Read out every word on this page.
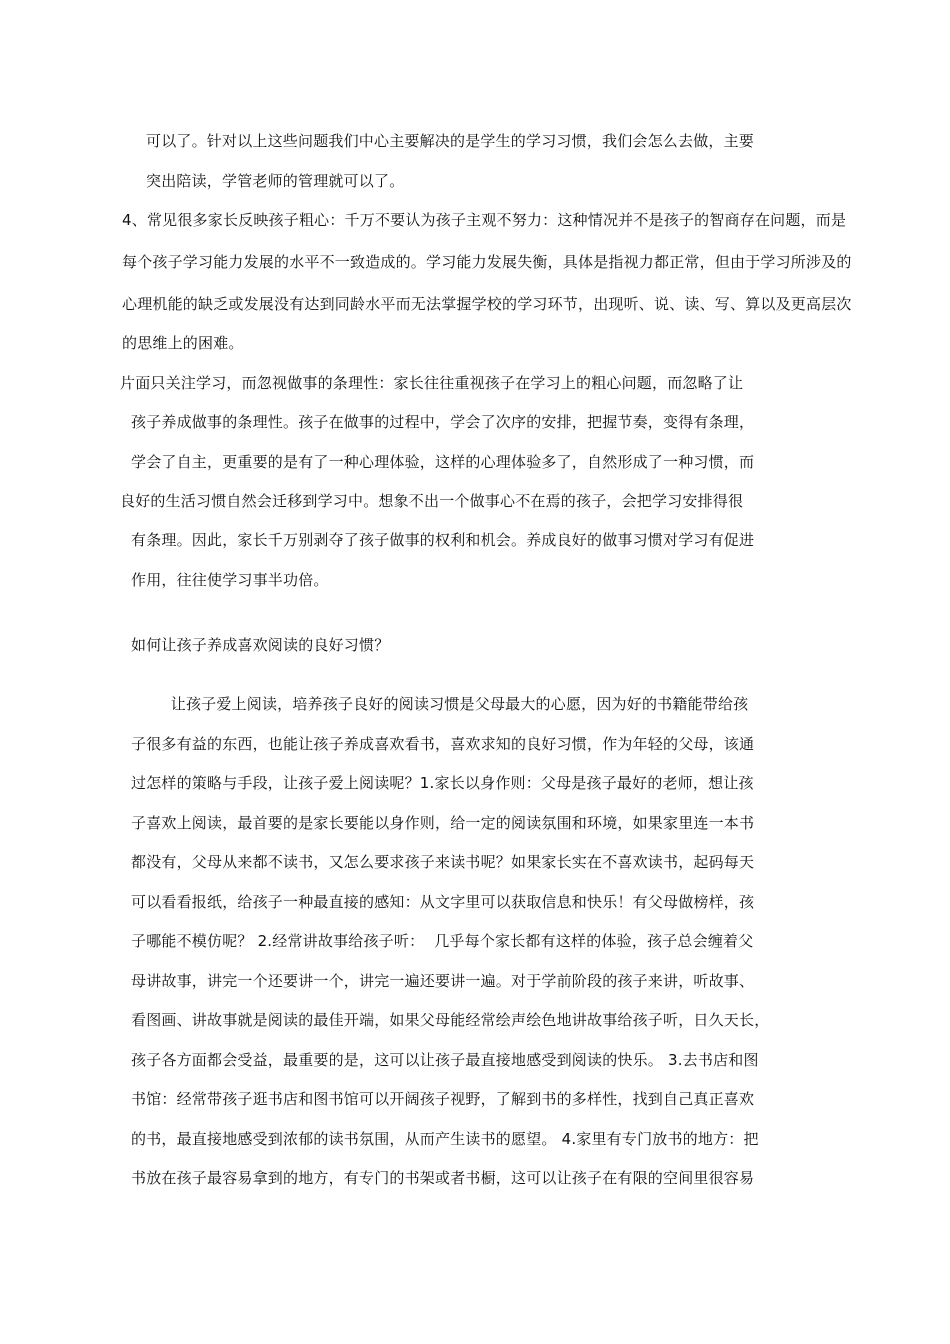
可以了。针对以上这些问题我们中心主要解决的是学生的学习习惯，我们会怎么去做，主要
突出陪读，学管老师的管理就可以了。
4、常见很多家长反映孩子粗心：千万不要认为孩子主观不努力：这种情况并不是孩子的智商存在问题，而是
每个孩子学习能力发展的水平不一致造成的。学习能力发展失衡，具体是指视力都正常，但由于学习所涉及的
心理机能的缺乏或发展没有达到同龄水平而无法掌握学校的学习环节，出现听、说、读、写、算以及更高层次
的思维上的困难。
片面只关注学习，而忽视做事的条理性：家长往往重视孩子在学习上的粗心问题，而忽略了让
孩子养成做事的条理性。孩子在做事的过程中，学会了次序的安排，把握节奏，变得有条理，
学会了自主，更重要的是有了一种心理体验，这样的心理体验多了，自然形成了一种习惯，而
良好的生活习惯自然会迁移到学习中。想象不出一个做事心不在焉的孩子，会把学习安排得很
有条理。因此，家长千万别剥夺了孩子做事的权利和机会。养成良好的做事习惯对学习有促进
作用，往往使学习事半功倍。
如何让孩子养成喜欢阅读的良好习惯？
让孩子爱上阅读，培养孩子良好的阅读习惯是父母最大的心愿，因为好的书籍能带给孩
子很多有益的东西，也能让孩子养成喜欢看书，喜欢求知的良好习惯，作为年轻的父母，该通
过怎样的策略与手段，让孩子爱上阅读呢？1.家长以身作则：父母是孩子最好的老师，想让孩
子喜欢上阅读，最首要的是家长要能以身作则，给一定的阅读氛围和环境，如果家里连一本书
都没有，父母从来都不读书，又怎么要求孩子来读书呢？如果家长实在不喜欢读书，起码每天
可以看看报纸，给孩子一种最直接的感知：从文字里可以获取信息和快乐！有父母做榜样，孩
子哪能不模仿呢？ 2.经常讲故事给孩子听：  几乎每个家长都有这样的体验，孩子总会缠着父
母讲故事，讲完一个还要讲一个，讲完一遍还要讲一遍。对于学前阶段的孩子来讲，听故事、
看图画、讲故事就是阅读的最佳开端，如果父母能经常绘声绘色地讲故事给孩子听，日久天长，
孩子各方面都会受益，最重要的是，这可以让孩子最直接地感受到阅读的快乐。 3.去书店和图
书馆：经常带孩子逛书店和图书馆可以开阔孩子视野，了解到书的多样性，找到自己真正喜欢
的书，最直接地感受到浓郁的读书氛围，从而产生读书的愿望。 4.家里有专门放书的地方：把
书放在孩子最容易拿到的地方，有专门的书架或者书橱，这可以让孩子在有限的空间里很容易
